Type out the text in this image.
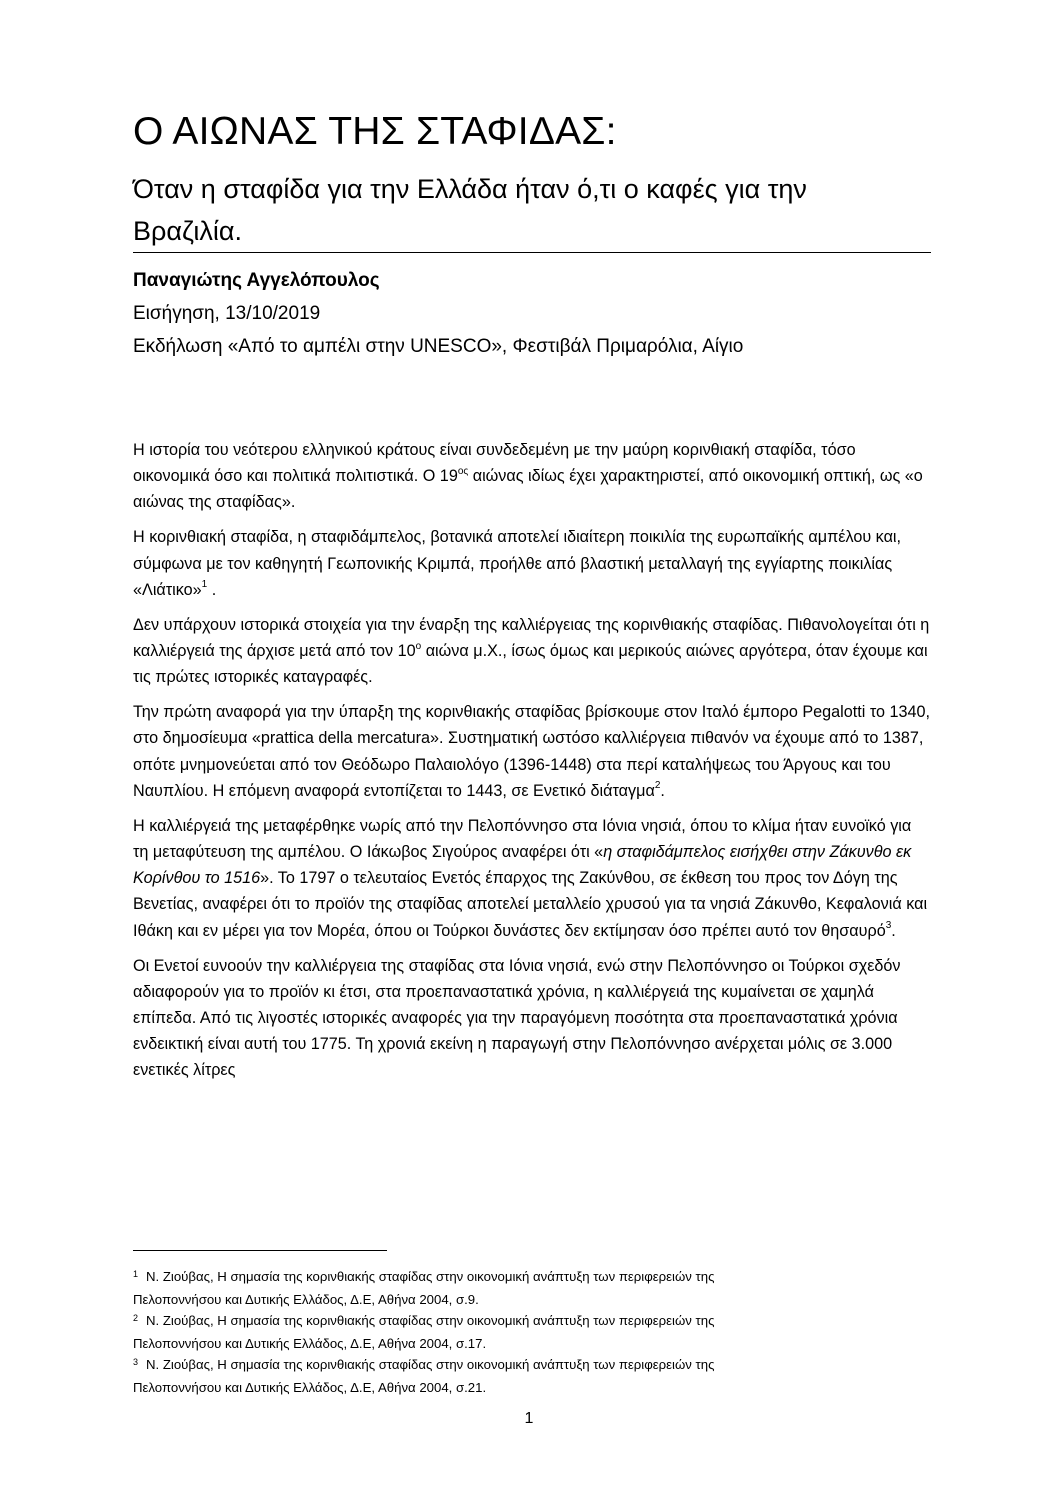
Ο ΑΙΩΝΑΣ ΤΗΣ ΣΤΑΦΙΔΑΣ:
Όταν η σταφίδα για την Ελλάδα ήταν ό,τι ο καφές για την
Βραζιλία.
Παναγιώτης Αγγελόπουλος
Εισήγηση, 13/10/2019
Εκδήλωση «Από το αμπέλι στην UNESCO», Φεστιβάλ Πριμαρόλια, Αίγιο

Η ιστορία του νεότερου ελληνικού κράτους είναι συνδεδεμένη με την μαύρη κορινθιακή σταφίδα, τόσο οικονομικά όσο και πολιτικά πολιτιστικά. Ο $19^{o\varsigma}$ αιώνας ιδίως έχει χαρακτηριστεί, από οικονομική οπτική, ως «ο αιώνας της σταφίδας».

Η κορινθιακή σταφίδα, η σταφιδάμπελος, βοτανικά αποτελεί ιδιαίτερη ποικιλία της ευρωπαϊκής αμπέλου και, σύμφωνα με τον καθηγητή Γεωπονικής Κριμπά, προήλθε από βλαστική μεταλλαγή της εγγίαρτης ποικιλίας «Λιάτικο»$^1$ .

Δεν υπάρχουν ιστορικά στοιχεία για την έναρξη της καλλιέργειας της κορινθιακής σταφίδας. Πιθανολογείται ότι η καλλιέργειά της άρχισε μετά από τον $10^o$ αιώνα μ.Χ., ίσως όμως και μερικούς αιώνες αργότερα, όταν έχουμε και τις πρώτες ιστορικές καταγραφές.

Την πρώτη αναφορά για την ύπαρξη της κορινθιακής σταφίδας βρίσκουμε στον Ιταλό έμπορο Pegalotti το 1340, στο δημοσίευμα «prattica della mercatura». Συστηματική ωστόσο καλλιέργεια πιθανόν να έχουμε από το 1387, οπότε μνημονεύεται από τον Θεόδωρο Παλαιολόγο (1396-1448) στα περί καταλήψεως του Άργους και του Ναυπλίου. Η επόμενη αναφορά εντοπίζεται το 1443, σε Ενετικό διάταγμα$^2$.

Η καλλιέργειά της μεταφέρθηκε νωρίς από την Πελοπόννησο στα Ιόνια νησιά, όπου το κλίμα ήταν ευνοϊκό για τη μεταφύτευση της αμπέλου. Ο Ιάκωβος Σιγούρος αναφέρει ότι «η σταφιδάμπελος εισήχθει στην Ζάκυνθο εκ Κορίνθου το 1516». Το 1797 ο τελευταίος Ενετός έπαρχος της Ζακύνθου, σε έκθεση του προς τον Δόγη της Βενετίας, αναφέρει ότι το προϊόν της σταφίδας αποτελεί μεταλλείο χρυσού για τα νησιά Ζάκυνθο, Κεφαλονιά και Ιθάκη και εν μέρει για τον Μορέα, όπου οι Τούρκοι δυνάστες δεν εκτίμησαν όσο πρέπει αυτό τον θησαυρό$^3$.

Οι Ενετοί ευνοούν την καλλιέργεια της σταφίδας στα Ιόνια νησιά, ενώ στην Πελοπόννησο οι Τούρκοι σχεδόν αδιαφορούν για το προϊόν κι έτσι, στα προεπαναστατικά χρόνια, η καλλιέργειά της κυμαίνεται σε χαμηλά επίπεδα. Από τις λιγοστές ιστορικές αναφορές για την παραγόμενη ποσότητα στα προεπαναστατικά χρόνια ενδεικτική είναι αυτή του 1775. Τη χρονιά εκείνη η παραγωγή στην Πελοπόννησο ανέρχεται μόλις σε 3.000 ενετικές λίτρες

$^1$ Ν. Ζιούβας, Η σημασία της κορινθιακής σταφίδας στην οικονομική ανάπτυξη των περιφερειών της
Πελοποννήσου και Δυτικής Ελλάδος, Δ.Ε, Αθήνα 2004, σ.9.
$^2$ Ν. Ζιούβας, Η σημασία της κορινθιακής σταφίδας στην οικονομική ανάπτυξη των περιφερειών της
Πελοποννήσου και Δυτικής Ελλάδος, Δ.Ε, Αθήνα 2004, σ.17.
$^3$ Ν. Ζιούβας, Η σημασία της κορινθιακής σταφίδας στην οικονομική ανάπτυξη των περιφερειών της
Πελοποννήσου και Δυτικής Ελλάδος, Δ.Ε, Αθήνα 2004, σ.21.
1
